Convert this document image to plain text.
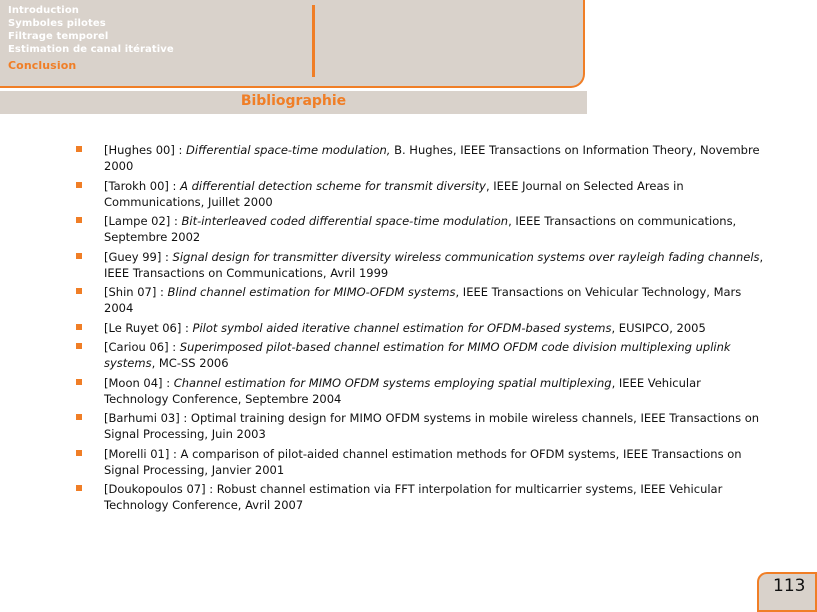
Introduction
Symboles pilotes
Filtrage temporel
Estimation de canal itérative
Conclusion
Bibliographie
[Hughes 00] : Differential space-time modulation, B. Hughes, IEEE Transactions on Information Theory, Novembre 2000
[Tarokh 00] : A differential detection scheme for transmit diversity, IEEE Journal on Selected Areas in Communications, Juillet 2000
[Lampe 02] : Bit-interleaved coded differential space-time modulation, IEEE Transactions on communications, Septembre 2002
[Guey 99] : Signal design for transmitter diversity wireless communication systems over rayleigh fading channels, IEEE Transactions on Communications, Avril 1999
[Shin 07] : Blind channel estimation for MIMO-OFDM systems, IEEE Transactions on Vehicular Technology, Mars 2004
[Le Ruyet 06] : Pilot symbol aided iterative channel estimation for OFDM-based systems, EUSIPCO, 2005
[Cariou 06] : Superimposed pilot-based channel estimation for MIMO OFDM code division multiplexing uplink systems, MC-SS 2006
[Moon 04] : Channel estimation for MIMO OFDM systems employing spatial multiplexing, IEEE Vehicular Technology Conference, Septembre 2004
[Barhumi 03] : Optimal training design for MIMO OFDM systems in mobile wireless channels, IEEE Transactions on Signal Processing, Juin 2003
[Morelli 01] : A comparison of pilot-aided channel estimation methods for OFDM systems, IEEE Transactions on Signal Processing, Janvier 2001
[Doukopoulos 07] : Robust channel estimation via FFT interpolation for multicarrier systems, IEEE Vehicular Technology Conference, Avril 2007
113
